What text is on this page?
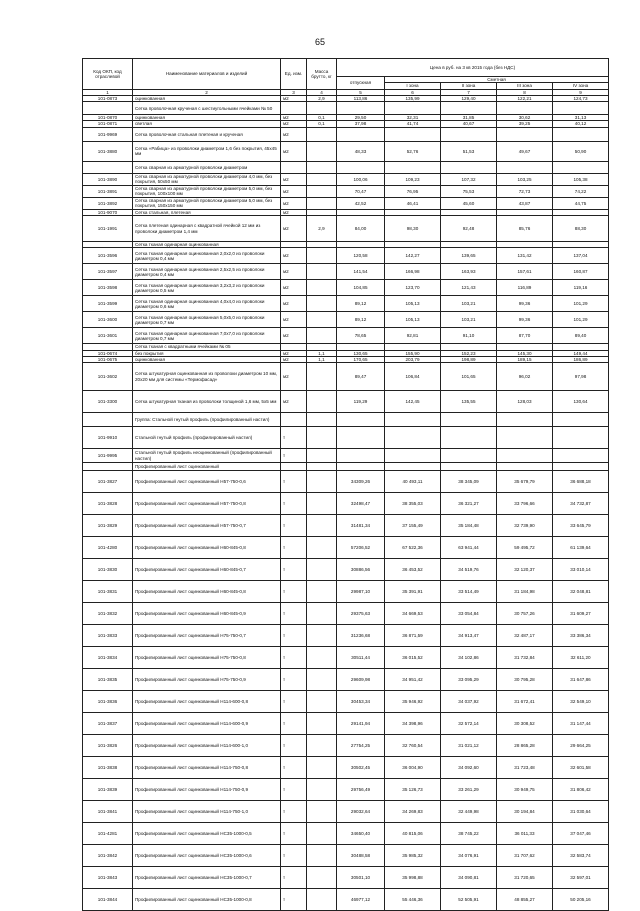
65
Код ОКП, код отраслевой	Наименование материалов и изделий	Ед. изм.	Масса брутто, кг	Цена в руб. на 3 кв 2015 года (без НДС)				
				отпускная	Сметная			
					I зона	II зона	III зона	IV зона
1	2	3	4	5	6	7	8	9
101-0873	оцинкованная	м2	2,9	113,86	135,99	129,40	122,21	124,73
	Сетка проволочная крученая с шестиугольными ячейками № 50							
101-0870	оцинкованная	м2	0,1	29,50	32,31	31,85	30,62	31,13
101-0871	светлая	м2	0,1	37,98	41,74	40,67	39,25	40,12
101-9969	Сетка проволочная стальная плетеная и крученая	м2						
101-3880	Сетка «Рабица» из проволоки диаметром 1,6 без покрытия, 45х45 мм	м2		48,33	52,76	51,53	49,67	50,90
	Сетка сварная из арматурной проволоки диаметром							
101-3890	Сетка сварная из арматурной проволоки диаметром 4,0 мм, без покрытия, 50х50 мм	м2		100,06	109,23	107,32	103,25	105,38
101-3891	Сетка сварная из арматурной проволоки диаметром 5,0 мм, без покрытия, 100х100 мм	м2		70,47	76,95	75,53	72,73	74,22
101-3892	Сетка сварная из арматурной проволоки диаметром 5,0 мм, без покрытия, 150х150 мм	м2		42,52	46,41	45,60	43,87	44,75
101-9070	Сетка стальная, плетеная	м2						
101-1991	Сетка плетеная одинарная с квадратной ячейкой 12 мм из проволоки диаметром 1,4 мм	м2	2,9	84,00	98,30	92,48	85,76	88,30
	Сетка тканая одинарная оцинкованная							
101-3596	Сетка тканая одинарная оцинкованная 2,0х2,0 из проволоки диаметром 0,4 мм	м2		120,58	142,27	139,65	131,42	137,04
101-3597	Сетка тканая одинарная оцинкованная 2,5х2,5 из проволоки диаметром 0,4 мм	м2		141,54	166,98	163,93	157,61	160,87
101-3598	Сетка тканая одинарная оцинкованная 3,2х3,2 из проволоки диаметром 0,5 мм	м2		104,85	123,70	121,43	116,89	119,16
101-3599	Сетка тканая одинарная оцинкованная 4,0х4,0 из проволоки диаметром 0,6 мм	м2		89,12	105,13	103,21	99,36	101,29
101-3600	Сетка тканая одинарная оцинкованная 5,0х5,0 из проволоки диаметром 0,7 мм	м2		89,12	105,13	103,21	99,36	101,29
101-3601	Сетка тканая одинарная оцинкованная 7,0х7,0 из проволоки диаметром 0,7 мм	м2		78,65	92,81	91,10	87,70	89,40
	Сетка тканая с квадратными ячейками № 05							
101-0674	без покрытия	м2	1,1	130,65	155,90	152,23	145,30	149,44
101-0675	оцинкованная	м2	1,1	170,65	203,79	198,89	189,15	186,89
101-3602	Сетка штукатурная оцинкованная из проволоки диаметром 10 мм, 20х20 мм для системы «Термофасад»	м2		89,47	106,84	101,65	96,02	97,98
101-3300	Сетка штукатурная тканая из проволоки толщиной 1,6 мм, 5х5 мм	м2		119,29	142,45	135,55	128,03	130,64
	Группа: Стальной гнутый профиль (профилированный настил)							
101-9910	Стальной гнутый профиль (профилированный настил)	т						
101-9995	Стальной гнутый профиль неоцинкованный (профилированный настил)	т						
	Профилированный лист оцинкованный							
101-3827	Профилированный лист оцинкованный Н57-750-0,6	т		34309,26	40 493,11	38 345,09	35 679,79	36 688,18
101-3828	Профилированный лист оцинкованный Н57-750-0,8	т		32498,47	38 355,03	36 321,27	33 796,66	34 732,87
101-3829	Профилированный лист оцинкованный Н57-750-0,7	т		31481,34	37 155,49	35 184,48	32 739,90	33 645,79
101-4280	Профилированный лист оцинкованный Н60-845-0,8	т		57206,52	67 522,36	63 941,44	59 495,72	61 139,64
101-3830	Профилированный лист оцинкованный Н60-845-0,7	т		30886,56	36 453,52	34 519,76	32 120,37	33 010,14
101-3831	Профилированный лист оцинкованный Н60-845-0,8	т		29987,10	35 391,91	33 514,49	31 184,98	32 048,81
101-3832	Профилированный лист оцинкованный Н60-845-0,9	т		29375,63	34 669,53	33 054,84	30 757,26	31 609,27
101-3833	Профилированный лист оцинкованный Н75-750-0,7	т		31236,68	36 871,59	34 913,47	32 487,17	33 386,34
101-3834	Профилированный лист оцинкованный Н75-750-0,8	т		30511,44	36 015,52	34 102,86	31 732,84	32 611,20
101-3835	Профилированный лист оцинкованный Н75-750-0,9	т		29609,98	34 951,42	33 095,29	30 795,28	31 647,86
101-3836	Профилированный лист оцинкованный Н114-600-0,8	т		30453,34	35 946,92	34 037,92	31 672,41	32 549,10
101-3837	Профилированный лист оцинкованный Н114-600-0,9	т		29141,94	34 398,96	32 572,14	30 308,52	31 147,44
101-3826	Профилированный лист оцинкованный Н114-600-1,0	т		27754,25	32 760,54	31 021,12	28 865,28	29 664,25
101-3838	Профилированный лист оцинкованный Н114-750-0,8	т		30502,45	36 004,90	34 092,60	31 723,48	32 601,58
101-3839	Профилированный лист оцинкованный Н114-750-0,9	т		29756,49	35 126,73	33 261,29	30 949,75	31 806,42
101-3841	Профилированный лист оцинкованный Н114-750-1,0	т		29032,64	34 269,83	32 449,98	30 194,84	31 030,64
101-4281	Профилированный лист оцинкованный НС35-1000-0,5	т		34650,40	40 815,06	38 745,22	36 011,33	37 047,46
101-3842	Профилированный лист оцинкованный НС35-1000-0,6	т		30488,58	35 985,32	34 076,91	31 707,62	32 583,74
101-3843	Профилированный лист оцинкованный НС35-1000-0,7	т		30501,10	35 998,88	34 090,81	31 720,65	32 597,01
101-3844	Профилированный лист оцинкованный НС35-1000-0,8	т		46977,12	55 446,36	52 505,91	48 855,27	50 205,16
